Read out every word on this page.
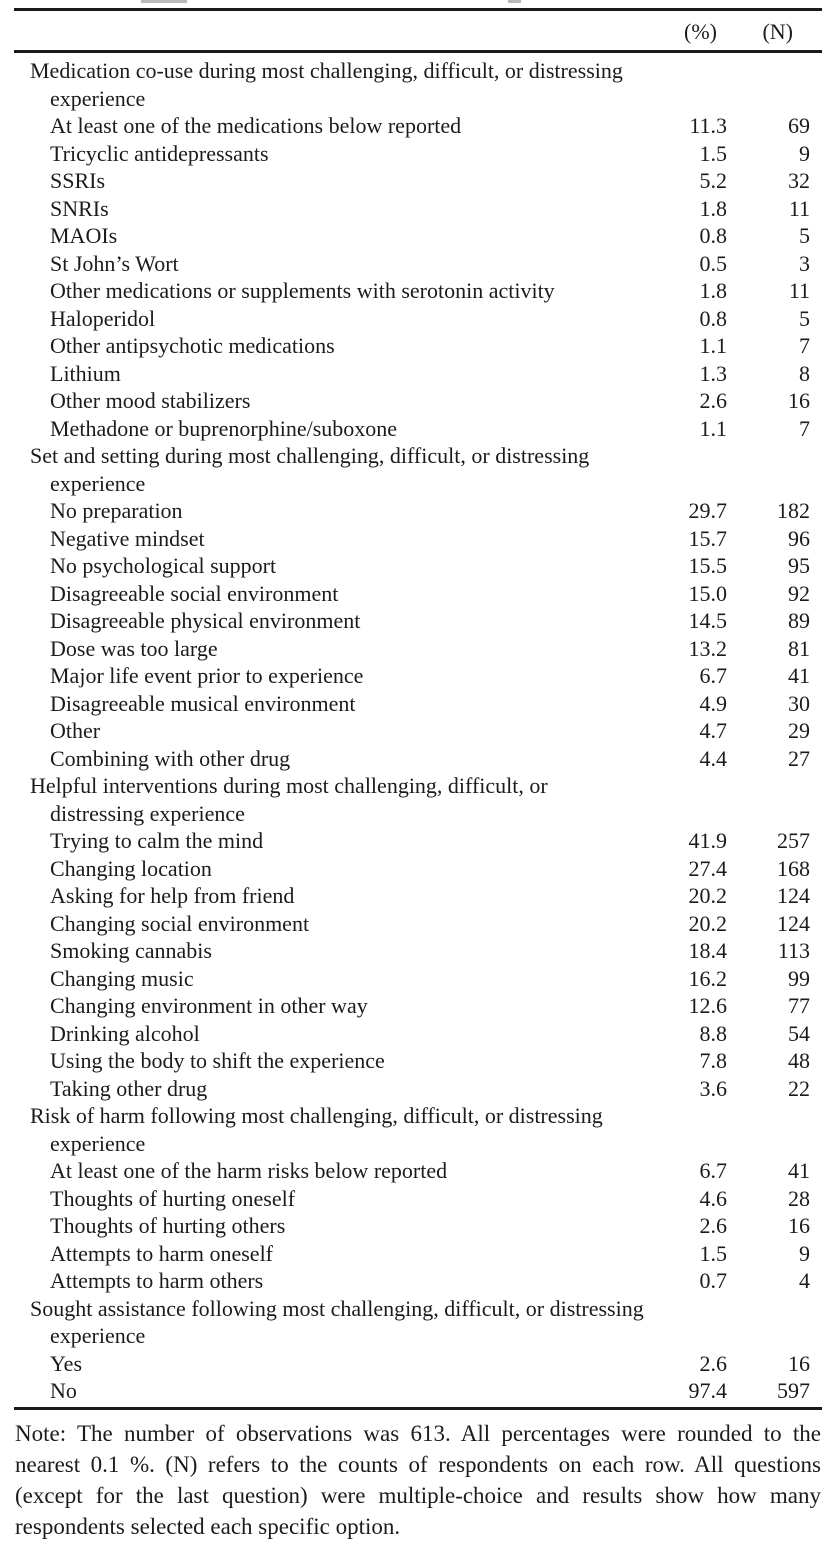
(%)	(N)
Medication co-use during most challenging, difficult, or distressing
experience
At least one of the medications below reported	11.3	69
Tricyclic antidepressants	1.5	9
SSRIs	5.2	32
SNRIs	1.8	11
MAOIs	0.8	5
St John’s Wort	0.5	3
Other medications or supplements with serotonin activity	1.8	11
Haloperidol	0.8	5
Other antipsychotic medications	1.1	7
Lithium	1.3	8
Other mood stabilizers	2.6	16
Methadone or buprenorphine/suboxone	1.1	7
Set and setting during most challenging, difficult, or distressing
experience
No preparation	29.7	182
Negative mindset	15.7	96
No psychological support	15.5	95
Disagreeable social environment	15.0	92
Disagreeable physical environment	14.5	89
Dose was too large	13.2	81
Major life event prior to experience	6.7	41
Disagreeable musical environment	4.9	30
Other	4.7	29
Combining with other drug	4.4	27
Helpful interventions during most challenging, difficult, or
distressing experience
Trying to calm the mind	41.9	257
Changing location	27.4	168
Asking for help from friend	20.2	124
Changing social environment	20.2	124
Smoking cannabis	18.4	113
Changing music	16.2	99
Changing environment in other way	12.6	77
Drinking alcohol	8.8	54
Using the body to shift the experience	7.8	48
Taking other drug	3.6	22
Risk of harm following most challenging, difficult, or distressing
experience
At least one of the harm risks below reported	6.7	41
Thoughts of hurting oneself	4.6	28
Thoughts of hurting others	2.6	16
Attempts to harm oneself	1.5	9
Attempts to harm others	0.7	4
Sought assistance following most challenging, difficult, or distressing
experience
Yes	2.6	16
No	97.4	597
Note: The number of observations was 613. All percentages were rounded to the nearest 0.1 %. (N) refers to the counts of respondents on each row. All questions (except for the last question) were multiple-choice and results show how many respondents selected each specific option.
